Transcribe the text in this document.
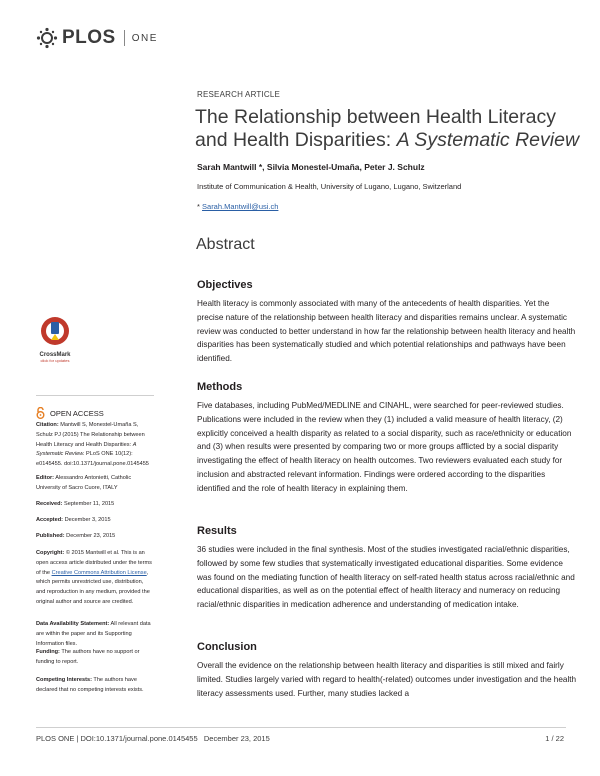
PLOS ONE
RESEARCH ARTICLE
The Relationship between Health Literacy
and Health Disparities: A Systematic Review
Sarah Mantwill *, Silvia Monestel-Umaña, Peter J. Schulz
Institute of Communication & Health, University of Lugano, Lugano, Switzerland
* Sarah.Mantwill@usi.ch
Abstract
Objectives

Health literacy is commonly associated with many of the antecedents of health disparities. Yet the precise nature of the relationship between health literacy and disparities remains unclear. A systematic review was conducted to better understand in how far the relationship between health literacy and health disparities has been systematically studied and which potential relationships and pathways have been identified.

Methods

Five databases, including PubMed/MEDLINE and CINAHL, were searched for peer-reviewed studies. Publications were included in the review when they (1) included a valid measure of health literacy, (2) explicitly conceived a health disparity as related to a social disparity, such as race/ethnicity or education and (3) when results were presented by comparing two or more groups afflicted by a social disparity investigating the effect of health literacy on health outcomes. Two reviewers evaluated each study for inclusion and abstracted relevant information. Findings were ordered according to the disparities identified and the role of health literacy in explaining them.

Results

36 studies were included in the final synthesis. Most of the studies investigated racial/ethnic disparities, followed by some few studies that systematically investigated educational disparities. Some evidence was found on the mediating function of health literacy on self-rated health status across racial/ethnic and educational disparities, as well as on the potential effect of health literacy and numeracy on reducing racial/ethnic disparities in medication adherence and understanding of medication intake.

Conclusion

Overall the evidence on the relationship between health literacy and disparities is still mixed and fairly limited. Studies largely varied with regard to health(-related) outcomes under investigation and the health literacy assessments used. Further, many studies lacked a

CrossMark
click for updates
OPEN ACCESS
Citation: Mantwill S, Monestel-Umaña S, Schulz PJ (2015) The Relationship between Health Literacy and Health Disparities: A Systematic Review. PLoS ONE 10(12): e0145455. doi:10.1371/journal.pone.0145455
Editor: Alessandro Antonietti, Catholic University of Sacro Cuore, ITALY
Received: September 11, 2015
Accepted: December 3, 2015
Published: December 23, 2015
Copyright: © 2015 Mantwill et al. This is an open access article distributed under the terms of the Creative Commons Attribution License, which permits unrestricted use, distribution, and reproduction in any medium, provided the original author and source are credited.
Data Availability Statement: All relevant data are within the paper and its Supporting Information files.
Funding: The authors have no support or funding to report.
Competing Interests: The authors have declared that no competing interests exists.
PLOS ONE | DOI:10.1371/journal.pone.0145455   December 23, 2015	1 / 22
